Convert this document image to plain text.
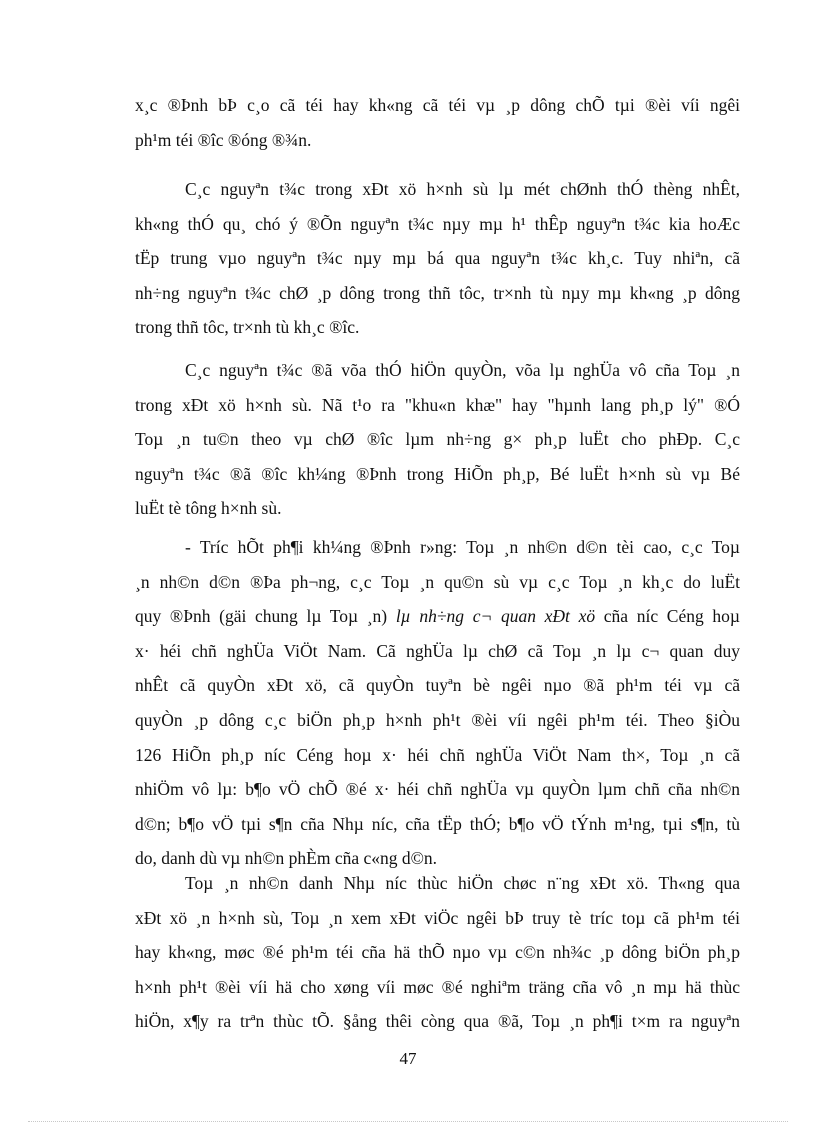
x¸c ®Þnh bÞ c¸o cã téi hay kh«ng cã téi vµ ¸p dông chÕ tµi ®èi víi ngêi
ph¹m téi ®îc ®óng ®¾n.

C¸c nguyªn t¾c trong xÐt xö h×nh sù lµ mét chØnh thÓ thèng nhÊt,
kh«ng thÓ qu¸ chó ý ®Õn nguyªn t¾c nµy mµ h¹ thÊp nguyªn t¾c kia hoÆc
tËp trung vµo nguyªn t¾c nµy mµ bá qua nguyªn t¾c kh¸c. Tuy nhiªn, cã
nh÷ng nguyªn t¾c chØ ¸p dông trong thñ tôc, tr×nh tù nµy mµ kh«ng ¸p dông
trong thñ tôc, tr×nh tù kh¸c ®îc.

C¸c nguyªn t¾c ®ã võa thÓ hiÖn quyÒn, võa lµ nghÜa vô cña Toµ ¸n
trong xÐt xö h×nh sù. Nã t¹o ra "khu«n khæ" hay "hµnh lang ph¸p lý" ®Ó
Toµ ¸n tu©n theo vµ chØ ®îc lµm nh÷ng g× ph¸p luËt cho phÐp. C¸c
nguyªn t¾c ®ã ®îc kh¼ng ®Þnh trong HiÕn ph¸p, Bé luËt h×nh sù vµ Bé
luËt tè tông h×nh sù.

- Tríc hÕt ph¶i kh¼ng ®Þnh r»ng: Toµ ¸n nh©n d©n tèi cao, c¸c Toµ
¸n nh©n d©n ®Þa ph¬ng, c¸c Toµ ¸n qu©n sù vµ c¸c Toµ ¸n kh¸c do luËt
quy ®Þnh (gäi chung lµ Toµ ¸n) lµ nh÷ng c¬ quan xÐt xö cña níc Céng hoµ
x· héi chñ nghÜa ViÖt Nam. Cã nghÜa lµ chØ cã Toµ ¸n lµ c¬ quan duy
nhÊt cã quyÒn xÐt xö, cã quyÒn tuyªn bè ngêi nµo ®ã ph¹m téi vµ cã
quyÒn ¸p dông c¸c biÖn ph¸p h×nh ph¹t ®èi víi ngêi ph¹m téi. Theo §iÒu
126 HiÕn ph¸p níc Céng hoµ x· héi chñ nghÜa ViÖt Nam th×, Toµ ¸n cã
nhiÖm vô lµ: b¶o vÖ chÕ ®é x· héi chñ nghÜa vµ quyÒn lµm chñ cña nh©n
d©n; b¶o vÖ tµi s¶n cña Nhµ níc, cña tËp thÓ; b¶o vÖ tÝnh m¹ng, tµi s¶n, tù
do, danh dù vµ nh©n phÈm cña c«ng d©n.

Toµ ¸n nh©n danh Nhµ níc thùc hiÖn chøc n¨ng xÐt xö. Th«ng qua
xÐt xö ¸n h×nh sù, Toµ ¸n xem xÐt viÖc ngêi bÞ truy tè tríc toµ cã ph¹m téi
hay kh«ng, møc ®é ph¹m téi cña hä thÕ nµo vµ c©n nh¾c ¸p dông biÖn ph¸p
h×nh ph¹t ®èi víi hä cho xøng víi møc ®é nghiªm träng cña vô ¸n mµ hä thùc
hiÖn, x¶y ra trªn thùc tÕ. §ång thêi còng qua ®ã, Toµ ¸n ph¶i t×m ra nguyªn

47
